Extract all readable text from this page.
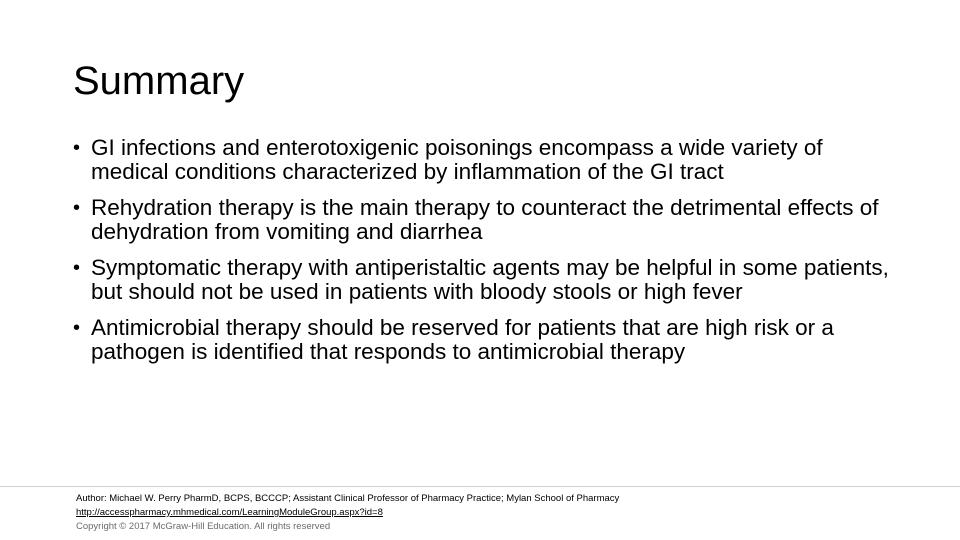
Summary
• GI infections and enterotoxigenic poisonings encompass a wide variety of medical conditions characterized by inflammation of the GI tract
• Rehydration therapy is the main therapy to counteract the detrimental effects of dehydration from vomiting and diarrhea
• Symptomatic therapy with antiperistaltic agents may be helpful in some patients, but should not be used in patients with bloody stools or high fever
• Antimicrobial therapy should be reserved for patients that are high risk or a pathogen is identified that responds to antimicrobial therapy
Author: Michael W. Perry PharmD, BCPS, BCCCP; Assistant Clinical Professor of Pharmacy Practice; Mylan School of Pharmacy
http://accesspharmacy.mhmedical.com/LearningModuleGroup.aspx?id=8
Copyright © 2017 McGraw-Hill Education. All rights reserved
